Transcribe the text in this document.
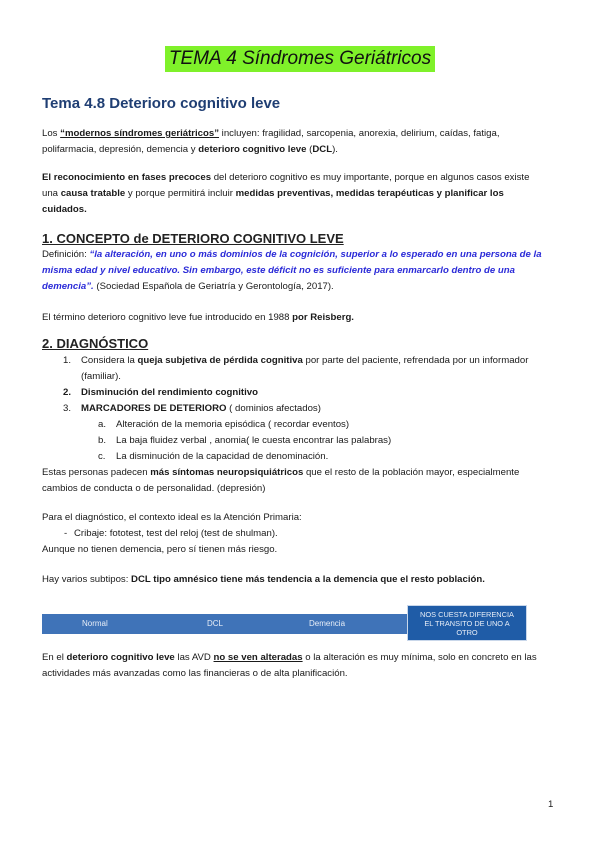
TEMA 4 Síndromes Geriátricos
Tema 4.8 Deterioro cognitivo leve
Los “modernos síndromes geriátricos” incluyen: fragilidad, sarcopenia, anorexia, delirium, caídas, fatiga,
polifarmacia, depresión, demencia y deterioro cognitivo leve (DCL).
El reconocimiento en fases precoces del deterioro cognitivo es muy importante, porque en algunos casos existe
una causa tratable y porque permitirá incluir medidas preventivas, medidas terapéuticas y planificar los
cuidados.
1. CONCEPTO de DETERIORO COGNITIVO LEVE
Definición: “la alteración, en uno o más dominios de la cognición, superior a lo esperado en una persona de la
misma edad y nivel educativo. Sin embargo, este déficit no es suficiente para enmarcarlo dentro de una
demencia”. (Sociedad Española de Geriatría y Gerontología, 2017).
El término deterioro cognitivo leve fue introducido en 1988 por Reisberg.
2. DIAGNÓSTICO
1. Considera la queja subjetiva de pérdida cognitiva por parte del paciente, refrendada por un informador
(familiar).
2. Disminución del rendimiento cognitivo
3. MARCADORES DE DETERIORO ( dominios afectados)
a. Alteración de la memoria episódica ( recordar eventos)
b. La baja fluidez verbal , anomia( le cuesta encontrar las palabras)
c. La disminución de la capacidad de denominación.
Estas personas padecen más síntomas neuropsiquiátricos que el resto de la población mayor, especialmente
cambios de conducta o de personalidad. (depresión)
Para el diagnóstico, el contexto ideal es la Atención Primaria:
- Cribaje: fototest, test del reloj (test de shulman).
Aunque no tienen demencia, pero sí tienen más riesgo.
Hay varios subtipos: DCL tipo amnésico tiene más tendencia a la demencia que el resto población.
Normal	DCL	Demencia
NOS CUESTA DIFERENCIA
EL TRANSITO DE UNO A
OTRO
En el deterioro cognitivo leve las AVD no se ven alteradas o la alteración es muy mínima, solo en concreto en las
actividades más avanzadas como las financieras o de alta planificación.
1
